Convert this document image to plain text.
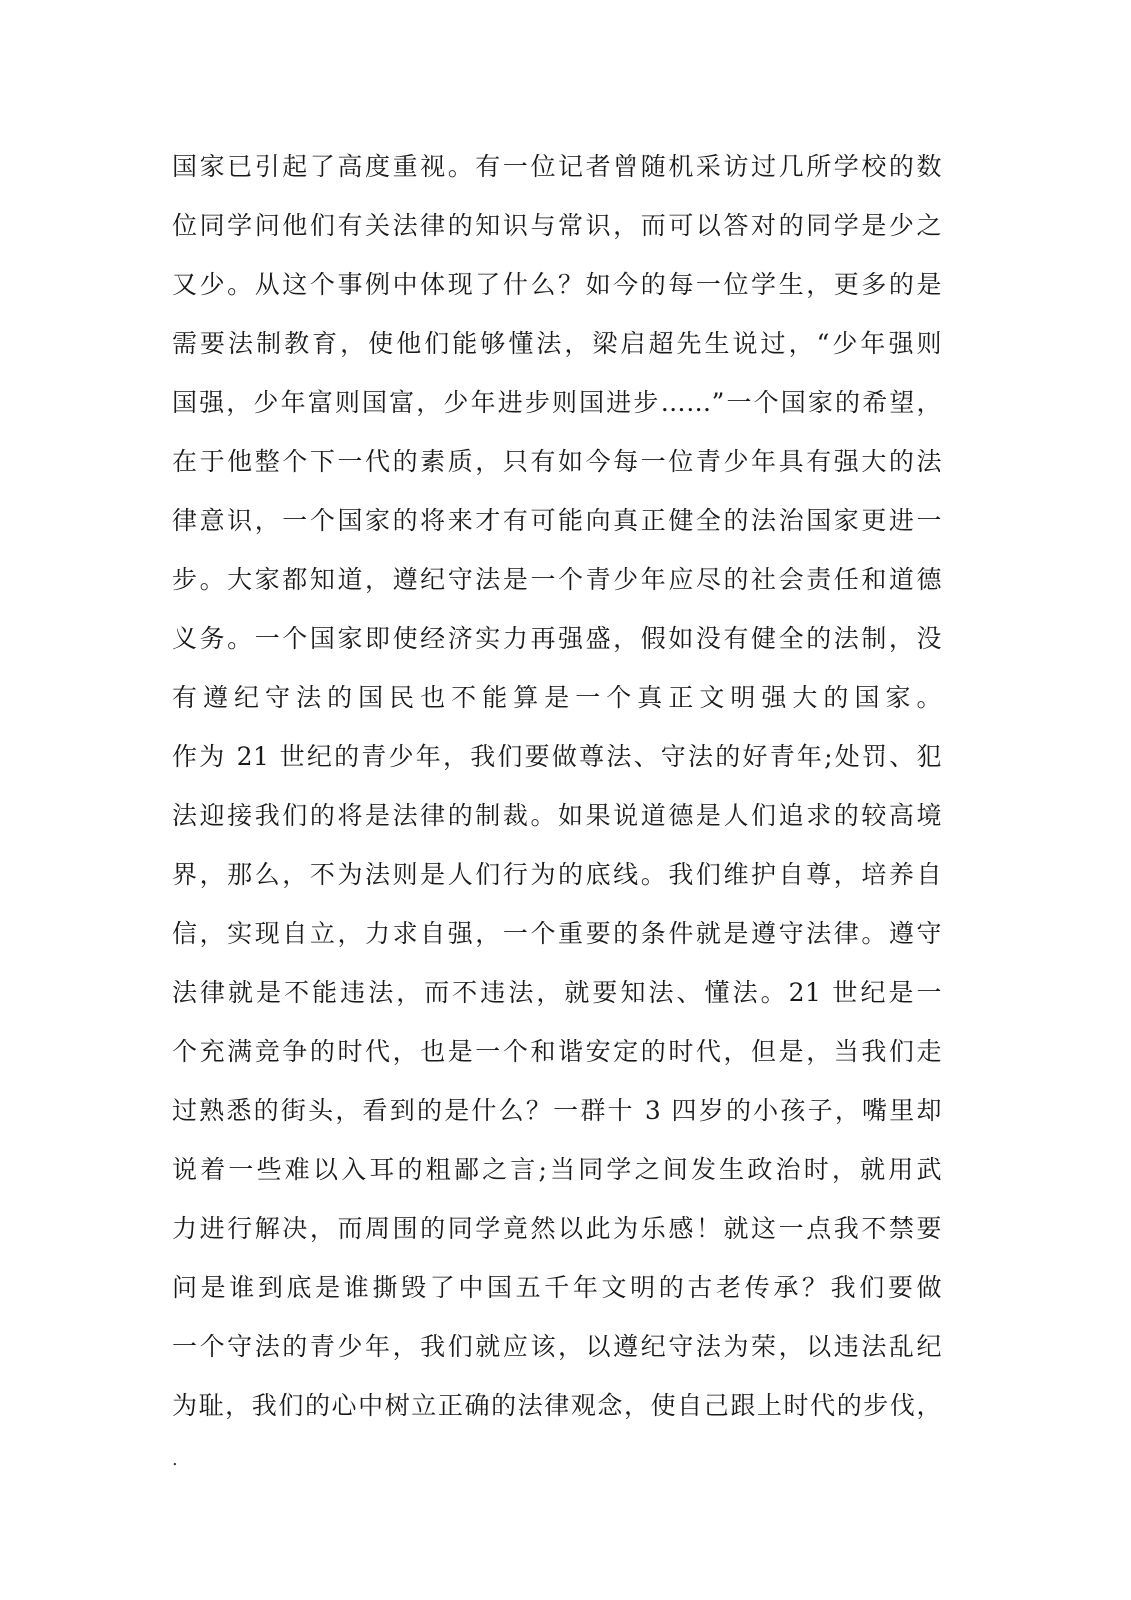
国家已引起了高度重视。有一位记者曾随机采访过几所学校的数
位同学问他们有关法律的知识与常识，而可以答对的同学是少之
又少。从这个事例中体现了什么？如今的每一位学生，更多的是
需要法制教育，使他们能够懂法，梁启超先生说过，“少年强则
国强，少年富则国富，少年进步则国进步……”一个国家的希望，
在于他整个下一代的素质，只有如今每一位青少年具有强大的法
律意识，一个国家的将来才有可能向真正健全的法治国家更进一
步。大家都知道，遵纪守法是一个青少年应尽的社会责任和道德
义务。一个国家即使经济实力再强盛，假如没有健全的法制，没
有遵纪守法的国民也不能算是一个真正文明强大的国家。
作为 21 世纪的青少年，我们要做尊法、守法的好青年;处罚、犯
法迎接我们的将是法律的制裁。如果说道德是人们追求的较高境
界，那么，不为法则是人们行为的底线。我们维护自尊，培养自
信，实现自立，力求自强，一个重要的条件就是遵守法律。遵守
法律就是不能违法，而不违法，就要知法、懂法。21 世纪是一
个充满竞争的时代，也是一个和谐安定的时代，但是，当我们走
过熟悉的街头，看到的是什么？一群十 3 四岁的小孩子，嘴里却
说着一些难以入耳的粗鄙之言;当同学之间发生政治时，就用武
力进行解决，而周围的同学竟然以此为乐感！就这一点我不禁要
问是谁到底是谁撕毁了中国五千年文明的古老传承？我们要做
一个守法的青少年，我们就应该，以遵纪守法为荣，以违法乱纪
为耻，我们的心中树立正确的法律观念，使自己跟上时代的步伐，
.
